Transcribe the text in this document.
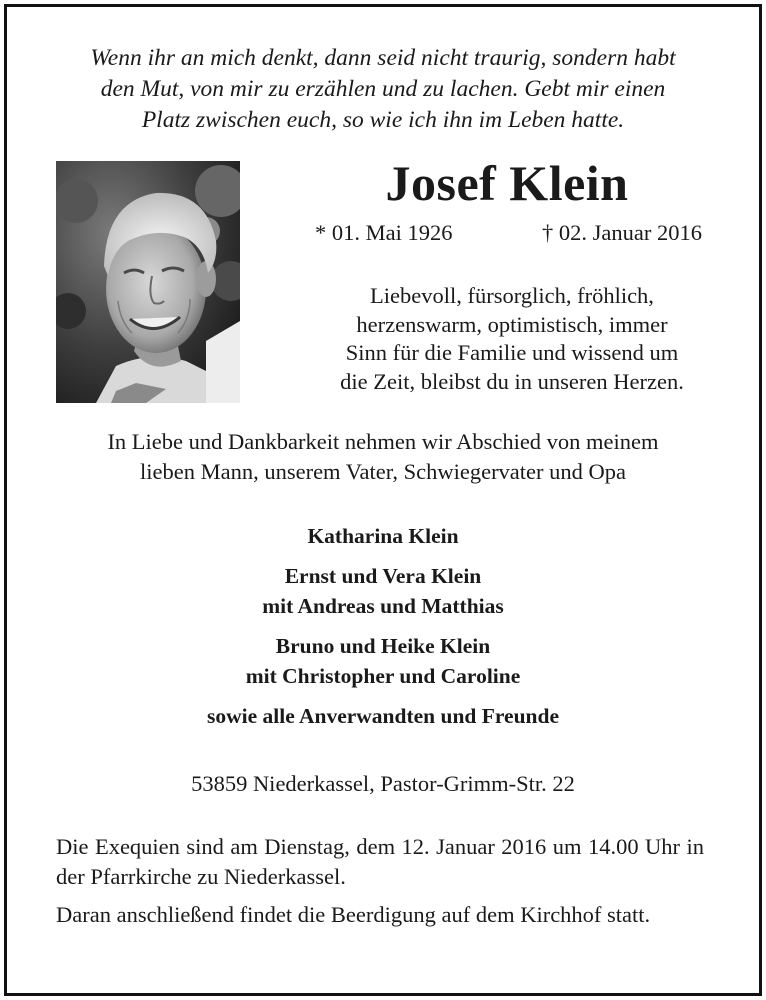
Wenn ihr an mich denkt, dann seid nicht traurig, sondern habt
den Mut, von mir zu erzählen und zu lachen. Gebt mir einen
Platz zwischen euch, so wie ich ihn im Leben hatte.

Josef Klein
* 01. Mai 1926	† 02. Januar 2016

Liebevoll, fürsorglich, fröhlich,
herzenswarm, optimistisch, immer
Sinn für die Familie und wissend um
die Zeit, bleibst du in unseren Herzen.

In Liebe und Dankbarkeit nehmen wir Abschied von meinem
lieben Mann, unserem Vater, Schwiegervater und Opa

Katharina Klein
Ernst und Vera Klein
mit Andreas und Matthias
Bruno und Heike Klein
mit Christopher und Caroline
sowie alle Anverwandten und Freunde

53859 Niederkassel, Pastor-Grimm-Str. 22

Die Exequien sind am Dienstag, dem 12. Januar 2016 um 14.00 Uhr in der Pfarrkirche zu Niederkassel.

Daran anschließend findet die Beerdigung auf dem Kirchhof statt.
